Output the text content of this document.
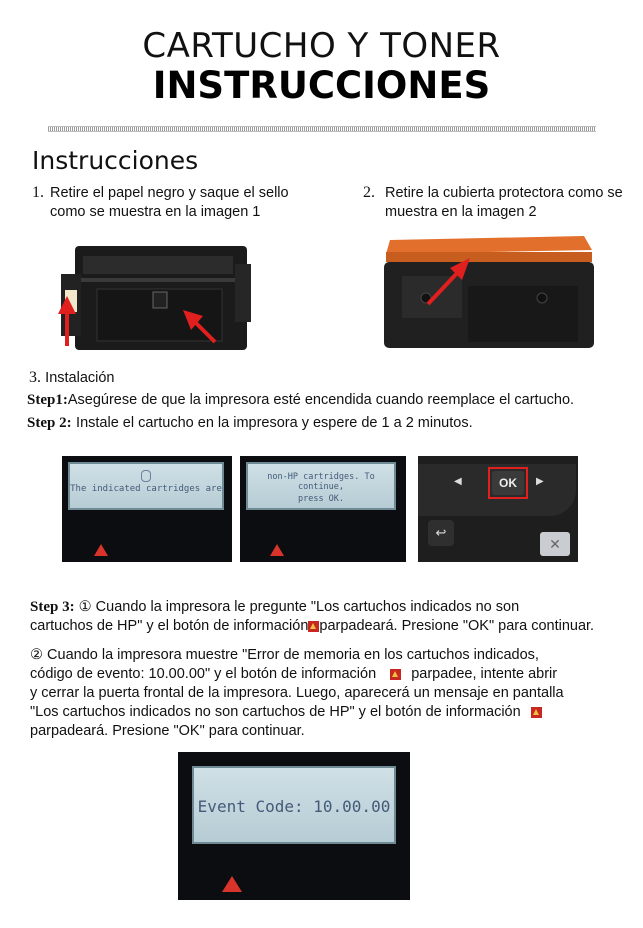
CARTUCHO Y TONER
INSTRUCCIONES
Instrucciones
1. Retire el papel negro y saque el sello como se muestra en la imagen 1

2. Retire la cubierta protectora como se muestra en la imagen 2

3. Instalación
Step1:Asegúrese de que la impresora esté encendida cuando reemplace el cartucho.
Step 2: Instale el cartucho en la impresora y espere de 1 a 2 minutos.
The indicated cartridges are
non-HP cartridges. To continue,
press OK.
◀	OK	▶
↩
✕
Step 3: ① Cuando la impresora le pregunte "Los cartuchos indicados no son
cartuchos de HP" y el botón de información parpadeará. Presione "OK" para continuar.
② Cuando la impresora muestre "Error de memoria en los cartuchos indicados,
código de evento: 10.00.00" y el botón de información parpadee, intente abrir
y cerrar la puerta frontal de la impresora. Luego, aparecerá un mensaje en pantalla
"Los cartuchos indicados no son cartuchos de HP" y el botón de información
parpadeará. Presione "OK" para continuar.
Event Code: 10.00.00
